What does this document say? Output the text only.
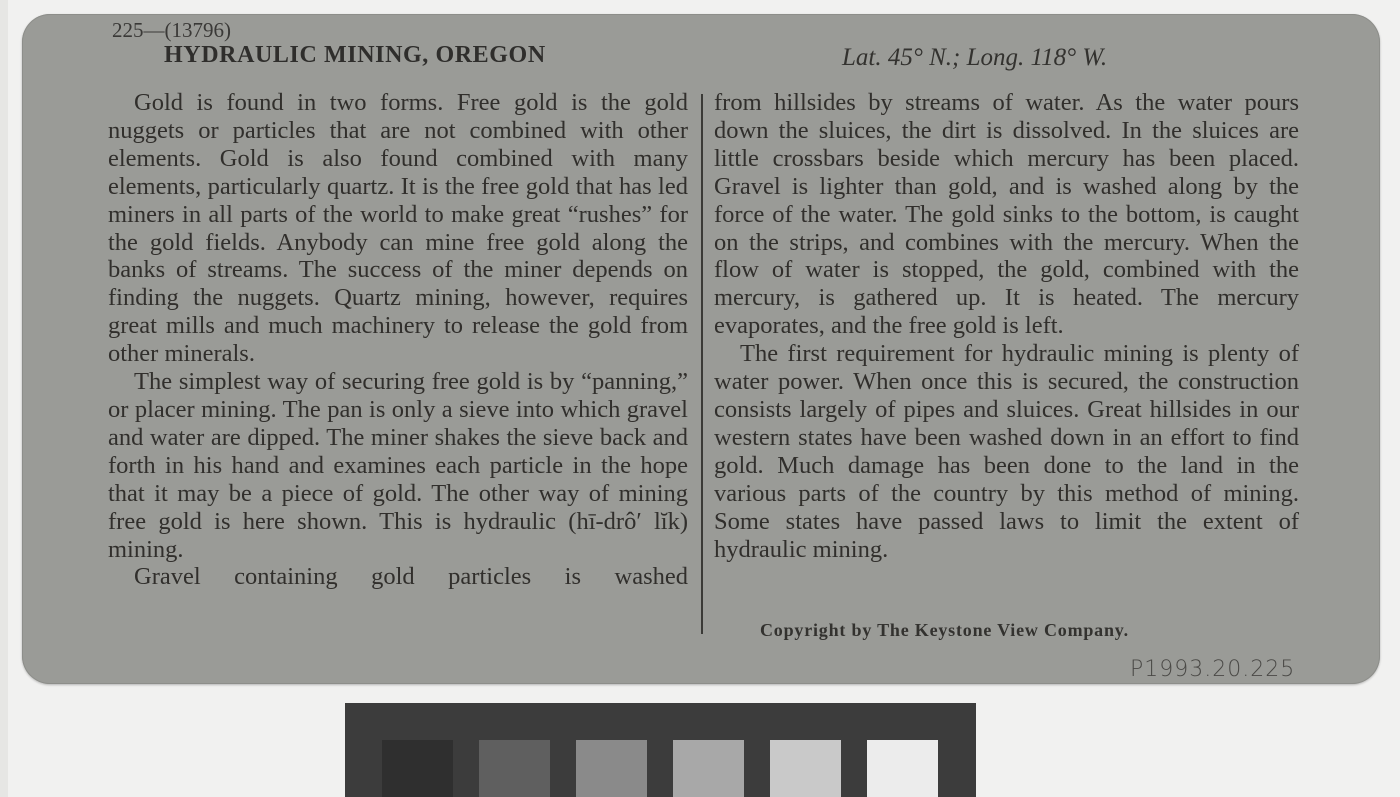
225—(13796)
HYDRAULIC MINING, OREGON	Lat. 45° N.; Long. 118° W.

Gold is found in two forms. Free gold is the gold nuggets or particles that are not combined with other elements. Gold is also found combined with many elements, particularly quartz. It is the free gold that has led miners in all parts of the world to make great “rushes” for the gold fields. Anybody can mine free gold along the banks of streams. The success of the miner depends on finding the nuggets. Quartz mining, however, requires great mills and much machinery to release the gold from other minerals.

The simplest way of securing free gold is by “panning,” or placer mining. The pan is only a sieve into which gravel and water are dipped. The miner shakes the sieve back and forth in his hand and examines each particle in the hope that it may be a piece of gold. The other way of mining free gold is here shown. This is hydraulic (hī-drô′ lĭk) mining.

Gravel containing gold particles is washed

from hillsides by streams of water. As the water pours down the sluices, the dirt is dissolved. In the sluices are little crossbars beside which mercury has been placed. Gravel is lighter than gold, and is washed along by the force of the water. The gold sinks to the bottom, is caught on the strips, and combines with the mercury. When the flow of water is stopped, the gold, combined with the mercury, is gathered up. It is heated. The mercury evaporates, and the free gold is left.

The first requirement for hydraulic mining is plenty of water power. When once this is secured, the construction consists largely of pipes and sluices. Great hillsides in our western states have been washed down in an effort to find gold. Much damage has been done to the land in the various parts of the country by this method of mining. Some states have passed laws to limit the extent of hydraulic mining.

Copyright by The Keystone View Company.
P1993.20.225
